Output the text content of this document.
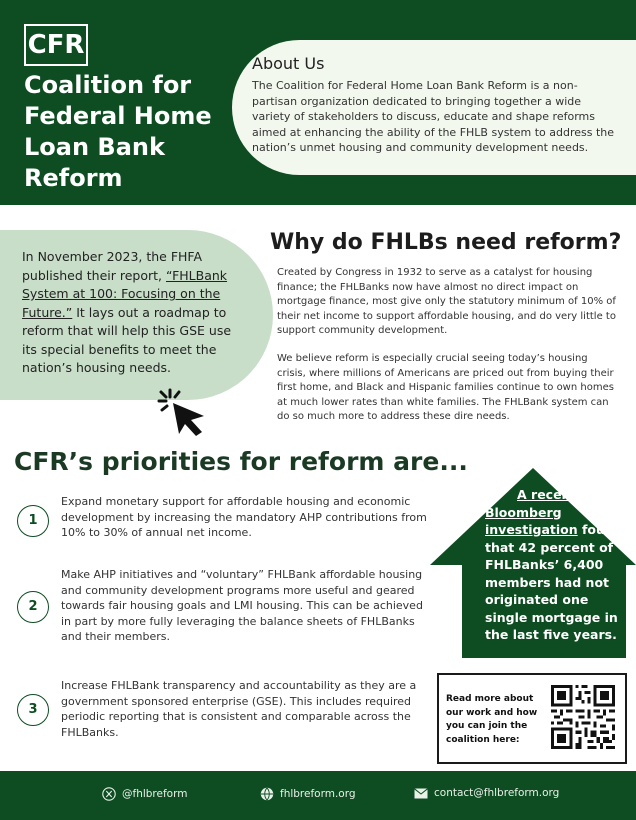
CFR
Coalition for Federal Home Loan Bank Reform
About Us

The Coalition for Federal Home Loan Bank Reform is a non-partisan organization dedicated to bringing together a wide variety of stakeholders to discuss, educate and shape reforms aimed at enhancing the ability of the FHLB system to address the nation’s unmet housing and community development needs.

In November 2023, the FHFA published their report, “FHLBank System at 100: Focusing on the Future.” It lays out a roadmap to reform that will help this GSE use its special benefits to meet the nation’s housing needs.

Why do FHLBs need reform?

Created by Congress in 1932 to serve as a catalyst for housing finance; the FHLBanks now have almost no direct impact on mortgage finance, most give only the statutory minimum of 10% of their net income to support affordable housing, and do very little to support community development.

We believe reform is especially crucial seeing today’s housing crisis, where millions of Americans are priced out from buying their first home, and Black and Hispanic families continue to own homes at much lower rates than white families. The FHLBank system can do so much more to address these dire needs.

CFR’s priorities for reform are...
1

Expand monetary support for affordable housing and economic development by increasing the mandatory AHP contributions from 10% to 30% of annual net income.

2

Make AHP initiatives and “voluntary” FHLBank affordable housing and community development programs more useful and geared towards fair housing goals and LMI housing. This can be achieved in part by more fully leveraging the balance sheets of FHLBanks and their members.

3

Increase FHLBank transparency and accountability as they are a government sponsored enterprise (GSE). This includes required periodic reporting that is consistent and comparable across the FHLBanks.

A recent Bloomberg investigation found that 42 percent of FHLBanks’ 6,400 members had not originated one single mortgage in the last five years.

Read more about our work and how you can join the coalition here:

@fhlbreform	fhlbreform.org	contact@fhlbreform.org
